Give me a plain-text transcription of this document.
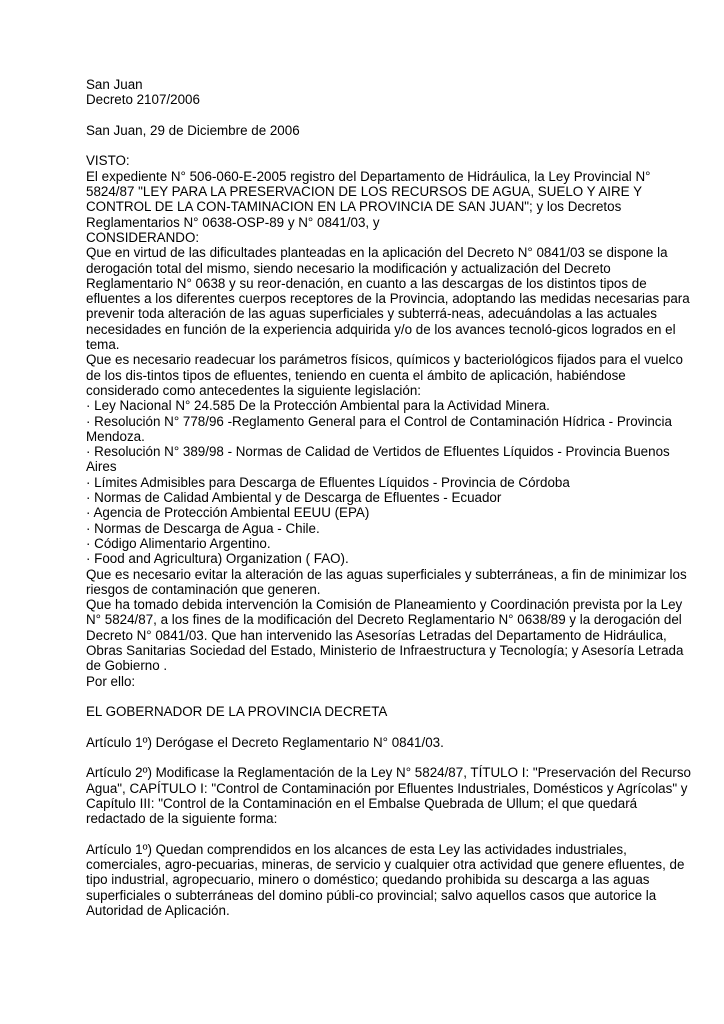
San Juan
Decreto 2107/2006
San Juan, 29 de Diciembre de 2006
VISTO:
El expediente N° 506-060-E-2005 registro del Departamento de Hidráulica, la Ley Provincial N° 5824/87 "LEY PARA LA PRESERVACION DE LOS RECURSOS DE AGUA, SUELO Y AIRE Y CONTROL DE LA CON-TAMINACION EN LA PROVINCIA DE SAN JUAN"; y los Decretos Reglamentarios N° 0638-OSP-89 y N° 0841/03, y
CONSIDERANDO:
Que en virtud de las dificultades planteadas en la aplicación del Decreto N° 0841/03 se dispone la derogación total del mismo, siendo necesario la modificación y actualización del Decreto Reglamentario N° 0638 y su reor-denación, en cuanto a las descargas de los distintos tipos de efluentes a los diferentes cuerpos receptores de la Provincia, adoptando las medidas necesarias para prevenir toda alteración de las aguas superficiales y subterrá-neas, adecuándolas a las actuales necesidades en función de la experiencia adquirida y/o de los avances tecnoló-gicos logrados en el tema.
Que es necesario readecuar los parámetros físicos, químicos y bacteriológicos fijados para el vuelco de los dis-tintos tipos de efluentes, teniendo en cuenta el ámbito de aplicación, habiéndose considerado como antecedentes la siguiente legislación:
· Ley Nacional N° 24.585 De la Protección Ambiental para la Actividad Minera.
· Resolución N° 778/96 -Reglamento General para el Control de Contaminación Hídrica - Provincia Mendoza.
· Resolución N° 389/98 - Normas de Calidad de Vertidos de Efluentes Líquidos - Provincia Buenos Aires
· Límites Admisibles para Descarga de Efluentes Líquidos - Provincia de Córdoba
· Normas de Calidad Ambiental y de Descarga de Efluentes - Ecuador
· Agencia de Protección Ambiental EEUU (EPA)
· Normas de Descarga de Agua - Chile.
· Código Alimentario Argentino.
· Food and Agricultura) Organization ( FAO).
Que es necesario evitar la alteración de las aguas superficiales y subterráneas, a fin de minimizar los riesgos de contaminación que generen.
Que ha tomado debida intervención la Comisión de Planeamiento y Coordinación prevista por la Ley N° 5824/87, a los fines de la modificación del Decreto Reglamentario N° 0638/89 y la derogación del Decreto N° 0841/03. Que han intervenido las Asesorías Letradas del Departamento de Hidráulica, Obras Sanitarias Sociedad del Estado, Ministerio de Infraestructura y Tecnología; y Asesoría Letrada de Gobierno .
Por ello:
EL GOBERNADOR DE LA PROVINCIA DECRETA
Artículo 1º) Derógase el Decreto Reglamentario N° 0841/03.
Artículo 2º) Modificase la Reglamentación de la Ley N° 5824/87, TÍTULO I: "Preservación del Recurso Agua", CAPÍTULO I: "Control de Contaminación por Efluentes Industriales, Domésticos y Agrícolas" y Capítulo III: "Control de la Contaminación en el Embalse Quebrada de Ullum; el que quedará redactado de la siguiente forma:
Artículo 1º) Quedan comprendidos en los alcances de esta Ley las actividades industriales, comerciales, agro-pecuarias, mineras, de servicio y cualquier otra actividad que genere efluentes, de tipo industrial, agropecuario, minero o doméstico; quedando prohibida su descarga a las aguas superficiales o subterráneas del domino públi-co provincial; salvo aquellos casos que autorice la Autoridad de Aplicación.
